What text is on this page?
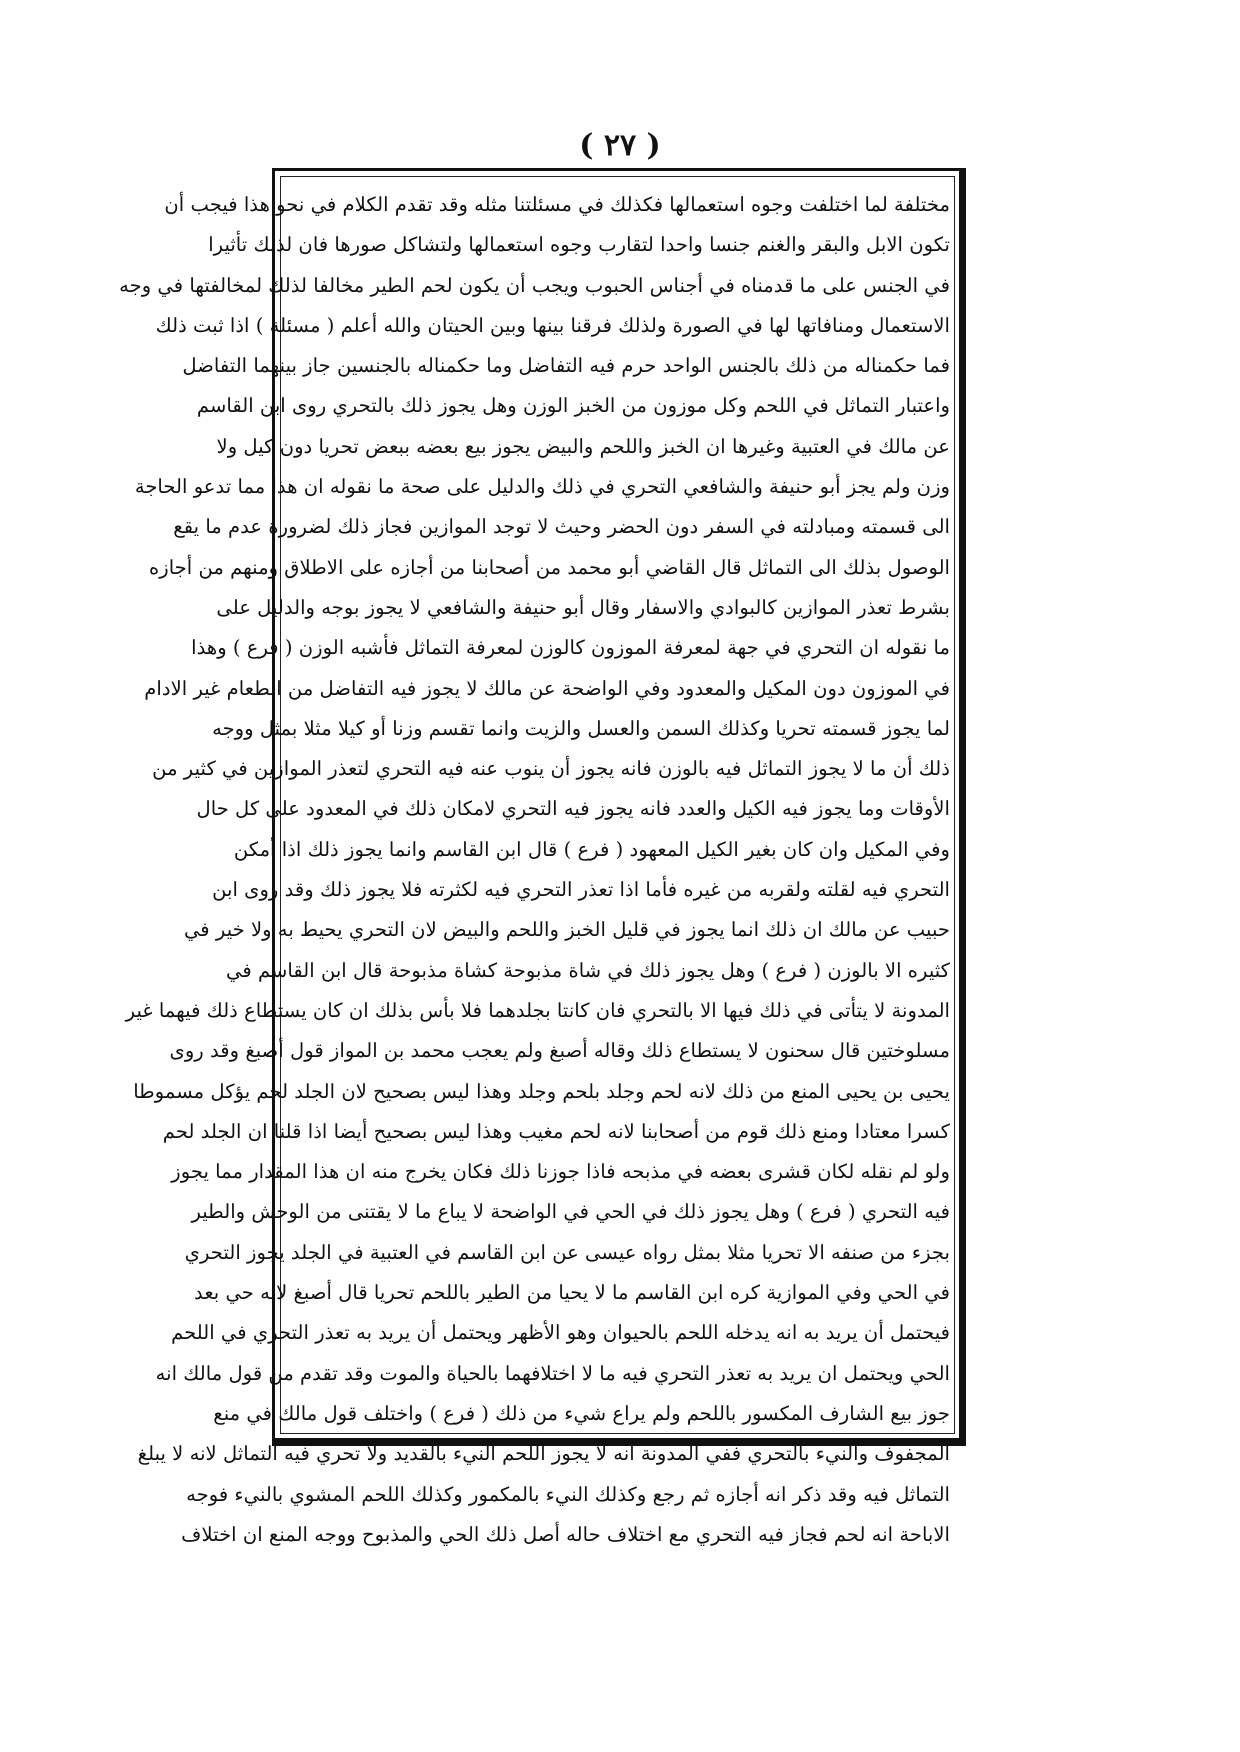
( ٢٧ )
مختلفة لما اختلفت وجوه استعمالها فكذلك في مسئلتنا مثله وقد تقدم الكلام في نحو هذا فيجب أن
تكون الابل والبقر والغنم جنسا واحدا لتقارب وجوه استعمالها ولتشاكل صورها فان لذلك تأثيرا
في الجنس على ما قدمناه في أجناس الحبوب ويجب أن يكون لحم الطير مخالفا لذلك لمخالفتها في وجه
الاستعمال ومنافاتها لها في الصورة ولذلك فرقنا بينها وبين الحيتان والله أعلم ( مسئلة ) اذا ثبت ذلك
فما حكمناله من ذلك بالجنس الواحد حرم فيه التفاضل وما حكمناله بالجنسين جاز بينهما التفاضل
واعتبار التماثل في اللحم وكل موزون من الخبز الوزن وهل يجوز ذلك بالتحري روى ابن القاسم
عن مالك في العتبية وغيرها ان الخبز واللحم والبيض يجوز بيع بعضه ببعض تحريا دون كيل ولا
وزن ولم يجز أبو حنيفة والشافعي التحري في ذلك والدليل على صحة ما نقوله ان هذا مما تدعو الحاجة
الى قسمته ومبادلته في السفر دون الحضر وحيث لا توجد الموازين فجاز ذلك لضرورة عدم ما يقع
الوصول بذلك الى التماثل قال القاضي أبو محمد من أصحابنا من أجازه على الاطلاق ومنهم من أجازه
بشرط تعذر الموازين كالبوادي والاسفار وقال أبو حنيفة والشافعي لا يجوز بوجه والدليل على
ما نقوله ان التحري في جهة لمعرفة الموزون كالوزن لمعرفة التماثل فأشبه الوزن ( فرع ) وهذا
في الموزون دون المكيل والمعدود وفي الواضحة عن مالك لا يجوز فيه التفاضل من الطعام غير الادام
لما يجوز قسمته تحريا وكذلك السمن والعسل والزيت وانما تقسم وزنا أو كيلا مثلا بمثل ووجه
ذلك أن ما لا يجوز التماثل فيه بالوزن فانه يجوز أن ينوب عنه فيه التحري لتعذر الموازين في كثير من
الأوقات وما يجوز فيه الكيل والعدد فانه يجوز فيه التحري لامكان ذلك في المعدود على كل حال
وفي المكيل وان كان بغير الكيل المعهود ( فرع ) قال ابن القاسم وانما يجوز ذلك اذا أمكن
التحري فيه لقلته ولقربه من غيره فأما اذا تعذر التحري فيه لكثرته فلا يجوز ذلك وقد روى ابن
حبيب عن مالك ان ذلك انما يجوز في قليل الخبز واللحم والبيض لان التحري يحيط به ولا خير في
كثيره الا بالوزن ( فرع ) وهل يجوز ذلك في شاة مذبوحة كشاة مذبوحة قال ابن القاسم في
المدونة لا يتأتى في ذلك فيها الا بالتحري فان كانتا بجلدهما فلا بأس بذلك ان كان يستطاع ذلك فيهما غير
مسلوختين قال سحنون لا يستطاع ذلك وقاله أصبغ ولم يعجب محمد بن المواز قول أصبغ وقد روى
يحيى بن يحيى المنع من ذلك لانه لحم وجلد بلحم وجلد وهذا ليس بصحيح لان الجلد لحم يؤكل مسموطا
كسرا معتادا ومنع ذلك قوم من أصحابنا لانه لحم مغيب وهذا ليس بصحيح أيضا اذا قلنا ان الجلد لحم
ولو لم نقله لكان قشرى بعضه في مذبحه فاذا جوزنا ذلك فكان يخرج منه ان هذا المقدار مما يجوز
فيه التحري ( فرع ) وهل يجوز ذلك في الحي في الواضحة لا يباع ما لا يقتنى من الوحش والطير
بجزء من صنفه الا تحريا مثلا بمثل رواه عيسى عن ابن القاسم في العتبية في الجلد يجوز التحري
في الحي وفي الموازية كره ابن القاسم ما لا يحيا من الطير باللحم تحريا قال أصبغ لانه حي بعد
فيحتمل أن يريد به انه يدخله اللحم بالحيوان وهو الأظهر ويحتمل أن يريد به تعذر التحري في اللحم
الحي ويحتمل ان يريد به تعذر التحري فيه ما لا اختلافهما بالحياة والموت وقد تقدم من قول مالك انه
جوز بيع الشارف المكسور باللحم ولم يراع شيء من ذلك ( فرع ) واختلف قول مالك في منع
المجفوف والنيء بالتحري ففي المدونة انه لا يجوز اللحم النيء بالقديد ولا تحري فيه التماثل لانه لا يبلغ
التماثل فيه وقد ذكر انه أجازه ثم رجع وكذلك النيء بالمكمور وكذلك اللحم المشوي بالنيء فوجه
الاباحة انه لحم فجاز فيه التحري مع اختلاف حاله أصل ذلك الحي والمذبوح ووجه المنع ان اختلاف
